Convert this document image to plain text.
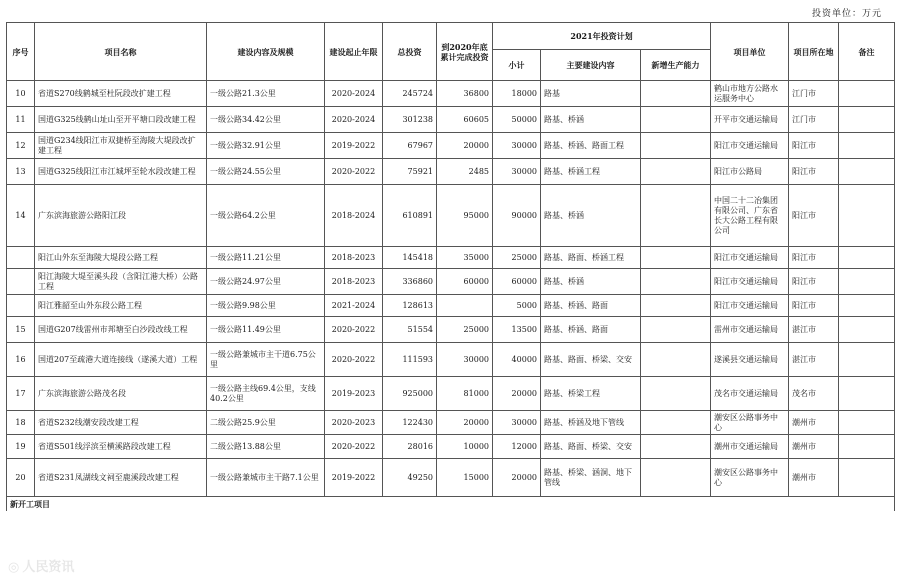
投资单位：万元
序号	项目名称	建设内容及规模	建设起止年限	总投资	到2020年底累计完成投资	2021年投资计划			项目单位	项目所在地	备注
						小计	主要建设内容	新增生产能力			
10	省道S270线鹤城至杜阮段改扩建工程	一级公路21.3公里	2020-2024	245724	36800	18000	路基		鹤山市地方公路水运服务中心	江门市	
11	国道G325线鹤山址山至开平塘口段改建工程	一级公路34.42公里	2020-2024	301238	60605	50000	路基、桥涵		开平市交通运输局	江门市	
12	国道G234线阳江市双捷桥至海陵大堤段改扩建工程	一级公路32.91公里	2019-2022	67967	20000	30000	路基、桥涵、路面工程		阳江市交通运输局	阳江市	
13	国道G325线阳江市江城坪至轮水段改建工程	一级公路24.55公里	2020-2022	75921	2485	30000	路基、桥涵工程		阳江市公路局	阳江市	
14	广东滨海旅游公路阳江段	一级公路64.2公里	2018-2024	610891	95000	90000	路基、桥涵		中国二十二冶集团有限公司、广东省长大公路工程有限公司	阳江市	
	阳江山外东至海陵大堤段公路工程	一级公路11.21公里	2018-2023	145418	35000	25000	路基、路面、桥涵工程		阳江市交通运输局	阳江市	
	阳江海陵大堤至溪头段（含阳江港大桥）公路工程	一级公路24.97公里	2018-2023	336860	60000	60000	路基、桥涵		阳江市交通运输局	阳江市	
	阳江雅韶至山外东段公路工程	一级公路9.98公里	2021-2024	128613		5000	路基、桥涵、路面		阳江市交通运输局	阳江市	
15	国道G207线雷州市邦塘至白沙段改线工程	一级公路11.49公里	2020-2022	51554	25000	13500	路基、桥涵、路面		雷州市交通运输局	湛江市	
16	国道207至疏港大道连接线（遂溪大道）工程	一级公路兼城市主干道6.75公里	2020-2022	111593	30000	40000	路基、路面、桥梁、交安		遂溪县交通运输局	湛江市	
17	广东滨海旅游公路茂名段	一级公路主线69.4公里，支线40.2公里	2019-2023	925000	81000	20000	路基、桥梁工程		茂名市交通运输局	茂名市	
18	省道S232线潮安段改建工程	二级公路25.9公里	2020-2023	122430	20000	30000	路基、桥涵及地下管线		潮安区公路事务中心	潮州市	
19	省道S501线浮滨至横溪路段改建工程	二级公路13.88公里	2020-2022	28016	10000	12000	路基、路面、桥梁、交安		潮州市交通运输局	潮州市	
20	省道S231凤湖线文祠至鹿溪段改建工程	一级公路兼城市主干路7.1公里	2019-2022	49250	15000	20000	路基、桥梁、涵洞、地下管线		潮安区公路事务中心	潮州市	
新开工项目											
◎ 人民资讯
